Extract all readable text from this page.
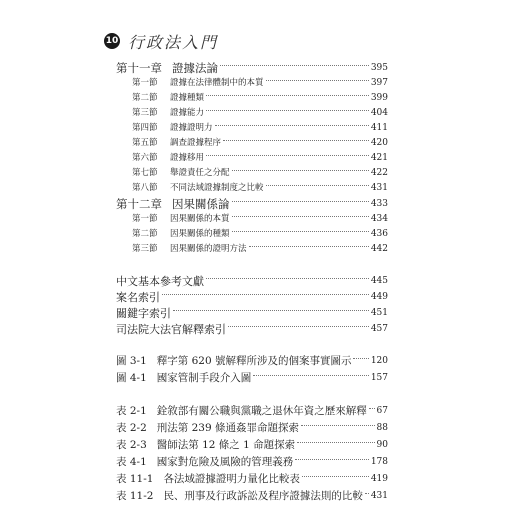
10 行政法入門
第十一章 證據法論	395
第一節 證據在法律體制中的本質	397
第二節 證據種類	399
第三節 證據能力	404
第四節 證據證明力	411
第五節 調查證據程序	420
第六節 證據移用	421
第七節 舉證責任之分配	422
第八節 不同法域證據制度之比較	431
第十二章 因果關係論	433
第一節 因果關係的本質	434
第二節 因果關係的種類	436
第三節 因果關係的證明方法	442
中文基本參考文獻	445
案名索引	449
關鍵字索引	451
司法院大法官解釋索引	457
圖 3-1 釋字第 620 號解釋所涉及的個案事實圖示 120
圖 4-1 國家管制手段介入圖	157
表 2-1 銓敘部有關公職與黨職之退休年資之歷來解釋 67
表 2-2 刑法第 239 條通姦罪命題探索	88
表 2-3 醫師法第 12 條之 1 命題探索	90
表 4-1 國家對危險及風險的管理義務	178
表 11-1 各法域證據證明力量化比較表	419
表 11-2 民、刑事及行政訴訟及程序證據法則的比較 431
